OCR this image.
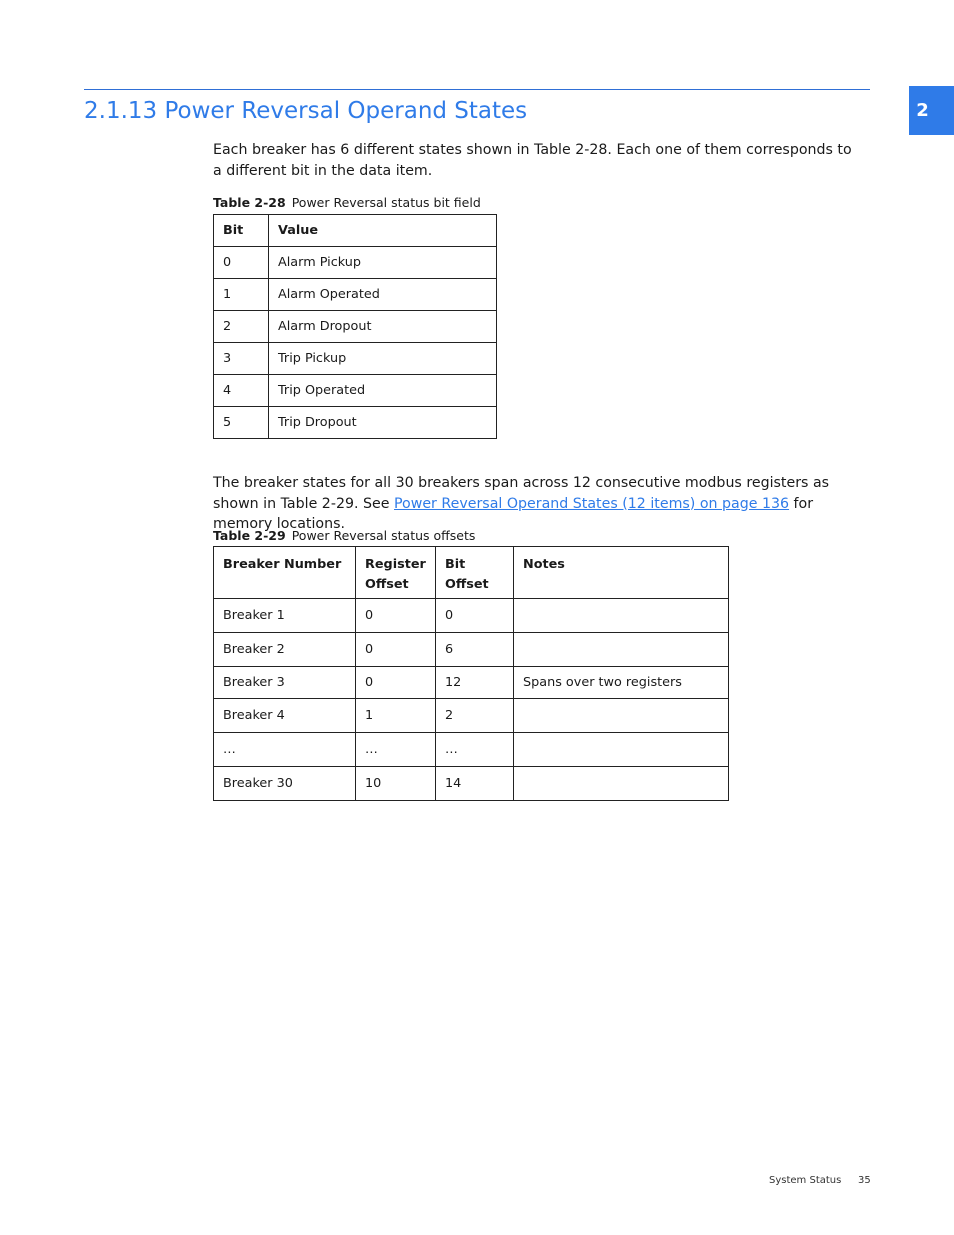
2
2.1.13 Power Reversal Operand States

Each breaker has 6 different states shown in Table 2-28. Each one of them corresponds to a different bit in the data item.

Table 2-28 Power Reversal status bit field

Bit	Value
0	Alarm Pickup
1	Alarm Operated
2	Alarm Dropout
3	Trip Pickup
4	Trip Operated
5	Trip Dropout

The breaker states for all 30 breakers span across 12 consecutive modbus registers as shown in Table 2-29. See Power Reversal Operand States (12 items) on page 136 for memory locations.

Table 2-29 Power Reversal status offsets

Breaker Number	Register Offset	Bit Offset	Notes
Breaker 1	0	0	
Breaker 2	0	6	
Breaker 3	0	12	Spans over two registers
Breaker 4	1	2	
…	…	…	
Breaker 30	10	14	
System Status 35
